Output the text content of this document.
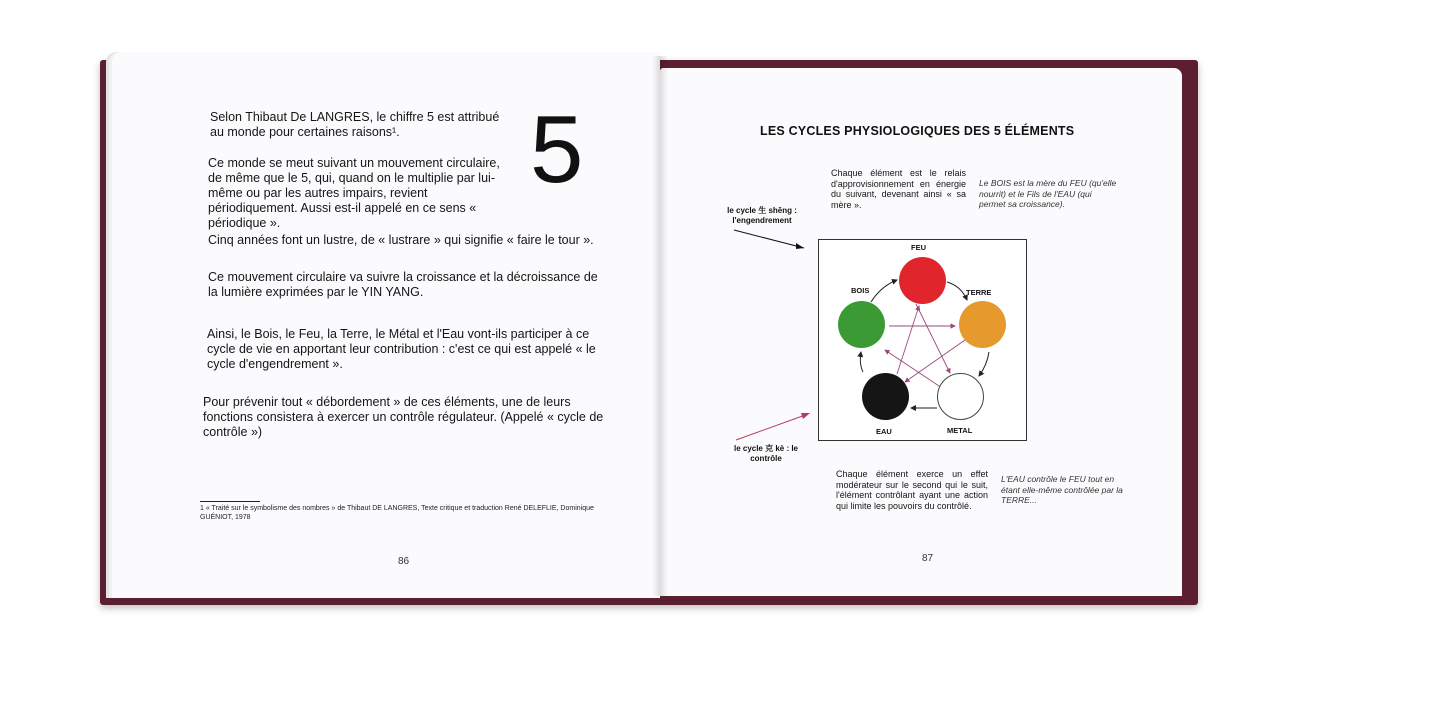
Selon Thibaut De LANGRES, le chiffre 5 est attribué au monde pour certaines raisons¹.	5
Ce monde se meut suivant un mouvement circulaire, de même que le 5, qui, quand on le multiplie par lui-même ou par les autres impairs, revient périodiquement. Aussi est-il appelé en ce sens « périodique ».
Cinq années font un lustre, de « lustrare » qui signifie « faire le tour ».
Ce mouvement circulaire va suivre la croissance et la décroissance de la lumière exprimées par le YIN YANG.
Ainsi, le Bois, le Feu, la Terre, le Métal et l'Eau vont-ils participer à ce cycle de vie en apportant leur contribution : c'est ce qui est appelé « le cycle d'engendrement ».
Pour prévenir tout « débordement » de ces éléments, une de leurs fonctions consistera à exercer un contrôle régulateur. (Appelé « cycle de contrôle »)
1 « Traité sur le symbolisme des nombres » de Thibaut DE LANGRES, Texte critique et traduction René DELEFLIE, Dominique GUÉNIOT, 1978
86
LES CYCLES PHYSIOLOGIQUES DES 5 ÉLÉMENTS
Chaque élément est le relais d'approvisionnement en énergie du suivant, devenant ainsi « sa mère ».
Le BOIS est la mère du FEU (qu'elle nourrit) et le Fils de l'EAU (qui permet sa croissance).
le cycle 生 shēng : l'engendrement
le cycle 克 kè : le contrôle
FEU
TERRE
METAL
EAU
BOIS
Chaque élément exerce un effet modérateur sur le second qui le suit, l'élément contrôlant ayant une action qui limite les pouvoirs du contrôlé.
L'EAU contrôle le FEU tout en étant elle-même contrôlée par la TERRE...
87
